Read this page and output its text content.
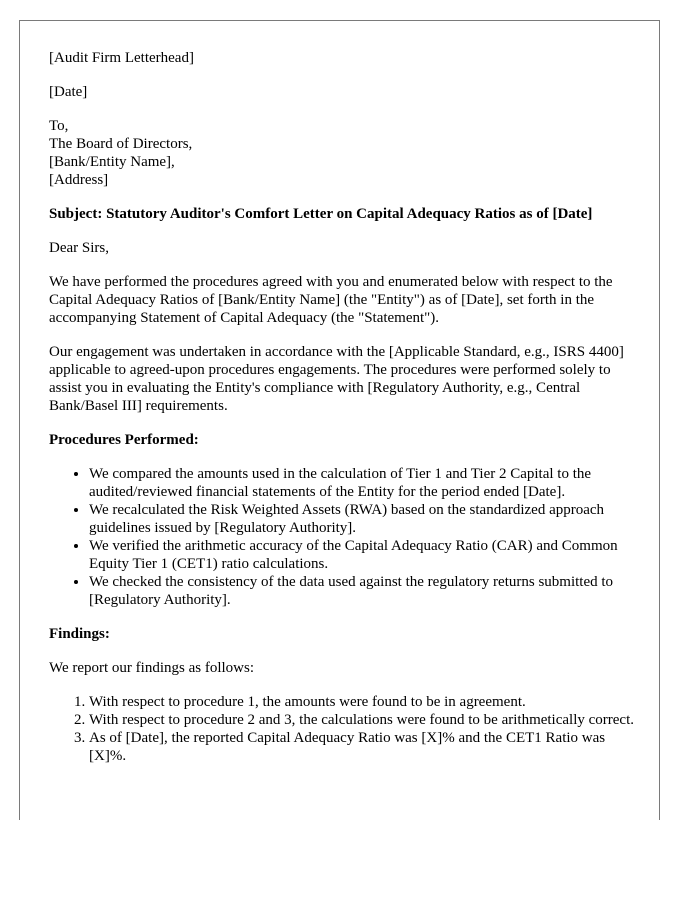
[Audit Firm Letterhead]

[Date]

To,
The Board of Directors,
[Bank/Entity Name],
[Address]

Subject: Statutory Auditor's Comfort Letter on Capital Adequacy Ratios as of [Date]

Dear Sirs,

We have performed the procedures agreed with you and enumerated below with respect to the Capital Adequacy Ratios of [Bank/Entity Name] (the "Entity") as of [Date], set forth in the accompanying Statement of Capital Adequacy (the "Statement").

Our engagement was undertaken in accordance with the [Applicable Standard, e.g., ISRS 4400] applicable to agreed-upon procedures engagements. The procedures were performed solely to assist you in evaluating the Entity's compliance with [Regulatory Authority, e.g., Central Bank/Basel III] requirements.

Procedures Performed:

• We compared the amounts used in the calculation of Tier 1 and Tier 2 Capital to the audited/reviewed financial statements of the Entity for the period ended [Date].
• We recalculated the Risk Weighted Assets (RWA) based on the standardized approach guidelines issued by [Regulatory Authority].
• We verified the arithmetic accuracy of the Capital Adequacy Ratio (CAR) and Common Equity Tier 1 (CET1) ratio calculations.
• We checked the consistency of the data used against the regulatory returns submitted to [Regulatory Authority].

Findings:

We report our findings as follows:

1. With respect to procedure 1, the amounts were found to be in agreement.
2. With respect to procedure 2 and 3, the calculations were found to be arithmetically correct.
3. As of [Date], the reported Capital Adequacy Ratio was [X]% and the CET1 Ratio was [X]%.
